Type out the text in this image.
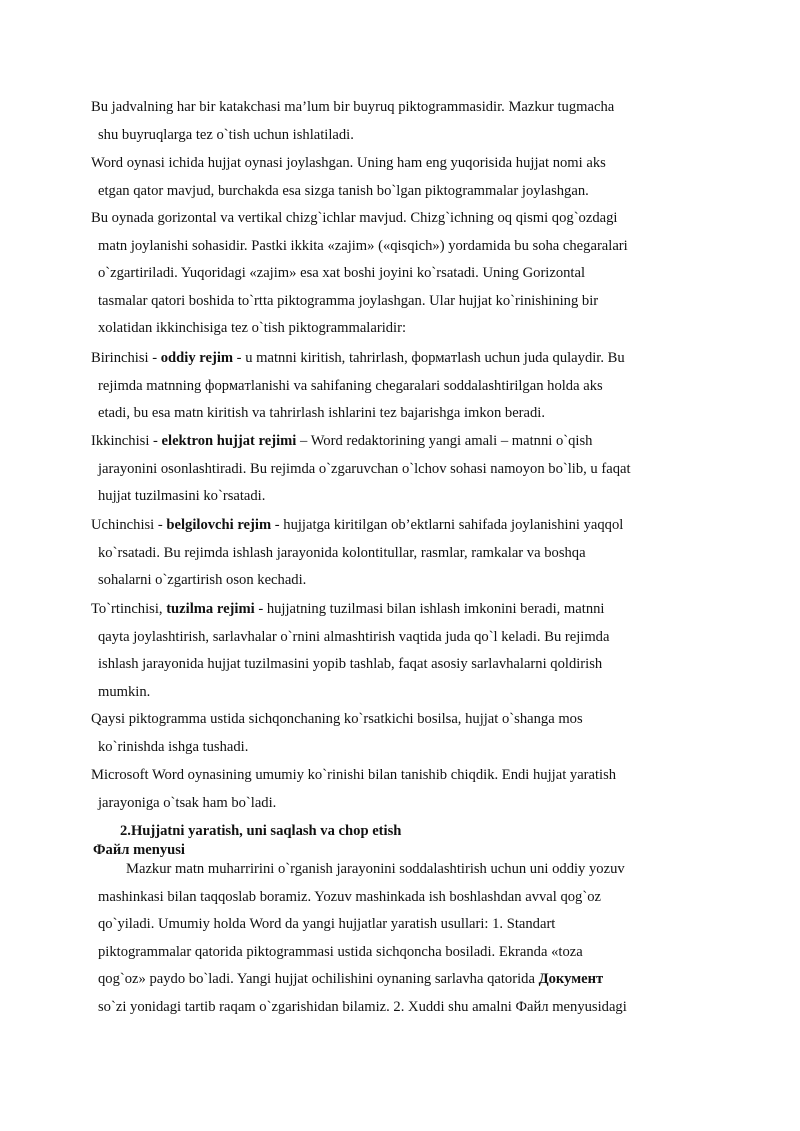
Bu jadvalning har bir katakchasi ma’lum bir buyruq piktogrammasidir. Mazkur tugmacha
shu buyruqlarga tez o`tish uchun ishlatiladi.
Word oynasi ichida hujjat oynasi joylashgan. Uning ham eng yuqorisida hujjat nomi aks
etgan qator mavjud, burchakda esa sizga tanish bo`lgan piktogrammalar joylashgan.
Bu oynada gorizontal va vertikal chizg`ichlar mavjud. Chizg`ichning oq qismi qog`ozdagi
matn joylanishi sohasidir. Pastki ikkita «zajim» («qisqich») yordamida bu soha chegaralari
o`zgartiriladi. Yuqoridagi «zajim» esa xat boshi joyini ko`rsatadi. Uning Gorizontal
tasmalar qatori boshida to`rtta piktogramma joylashgan. Ular hujjat ko`rinishining bir
xolatidan ikkinchisiga tez o`tish piktogrammalaridir:
Birinchisi - oddiy rejim - u matnni kiritish, tahrirlash, формaтlash uchun juda qulaydir. Bu
rejimda matnning формaтlanishi va sahifaning chegaralari soddalashtirilgan holda aks
etadi, bu esa matn kiritish va tahrirlash ishlarini tez bajarishga imkon beradi.
Ikkinchisi - elektron hujjat rejimi – Word redaktorining yangi amali – matnni o`qish
jarayonini osonlashtiradi. Bu rejimda o`zgaruvchan o`lchov sohasi namoyon bo`lib, u faqat
hujjat tuzilmasini ko`rsatadi.
Uchinchisi - belgilovchi rejim - hujjatga kiritilgan ob’ektlarni sahifada joylanishini yaqqol
ko`rsatadi. Bu rejimda ishlash jarayonida kolontitullar, rasmlar, ramkalar va boshqa
sohalarni o`zgartirish oson kechadi.
To`rtinchisi, tuzilma rejimi - hujjatning tuzilmasi bilan ishlash imkonini beradi, matnni
qayta joylashtirish, sarlavhalar o`rnini almashtirish vaqtida juda qo`l keladi. Bu rejimda
ishlash jarayonida hujjat tuzilmasini yopib tashlab, faqat asosiy sarlavhalarni qoldirish
mumkin.
Qaysi piktogramma ustida sichqonchaning ko`rsatkichi bosilsa, hujjat o`shanga mos
ko`rinishda ishga tushadi.
Microsoft Word oynasining umumiy ko`rinishi bilan tanishib chiqdik. Endi hujjat yaratish
jarayoniga o`tsak ham bo`ladi.
2.Hujjatni yaratish, uni saqlash va chop etish
Файл menyusi
Mazkur matn muharririni o`rganish jarayonini soddalashtirish uchun uni oddiy yozuv
mashinkasi bilan taqqoslab boramiz. Yozuv mashinkada ish boshlashdan avval qog`oz
qo`yiladi. Umumiy holda Word da yangi hujjatlar yaratish usullari: 1. Standart
piktogrammalar qatorida piktogrammasi ustida sichqoncha bosiladi. Ekranda «toza
qog`oz» paydo bo`ladi. Yangi hujjat ochilishini oynaning sarlavha qatorida Документ
so`zi yonidagi tartib raqam o`zgarishidan bilamiz. 2. Xuddi shu amalni Файл menyusidagi
